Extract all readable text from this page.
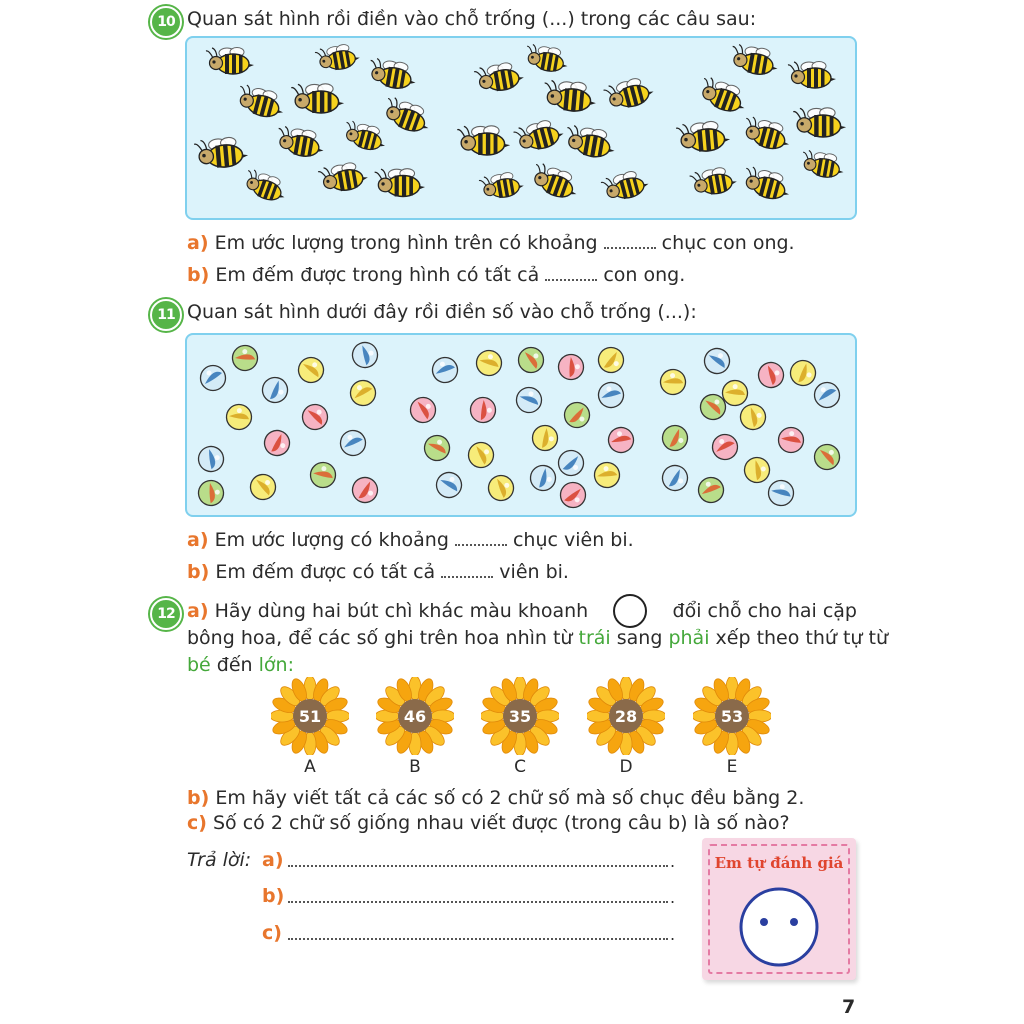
10 Quan sát hình rồi điền vào chỗ trống (...) trong các câu sau:
a) Em ước lượng trong hình trên có khoảng	chục con ong.
b) Em đếm được trong hình có tất cả	con ong.
11 Quan sát hình dưới đây rồi điền số vào chỗ trống (...):
a) Em ước lượng có khoảng	chục viên bi.
b) Em đếm được có tất cả	viên bi.
12 a) Hãy dùng hai bút chì khác màu khoanh	đổi chỗ cho hai cặp
bông hoa, để các số ghi trên hoa nhìn từ trái sang phải xếp theo thứ tự từ
bé đến lớn:
51
A
46
B
35
C
28
D
53
E
b) Em hãy viết tất cả các số có 2 chữ số mà số chục đều bằng 2.
c) Số có 2 chữ số giống nhau viết được (trong câu b) là số nào?
Trả lời: a)	.
b)	.
c)	.
Em tự đánh giá
7
